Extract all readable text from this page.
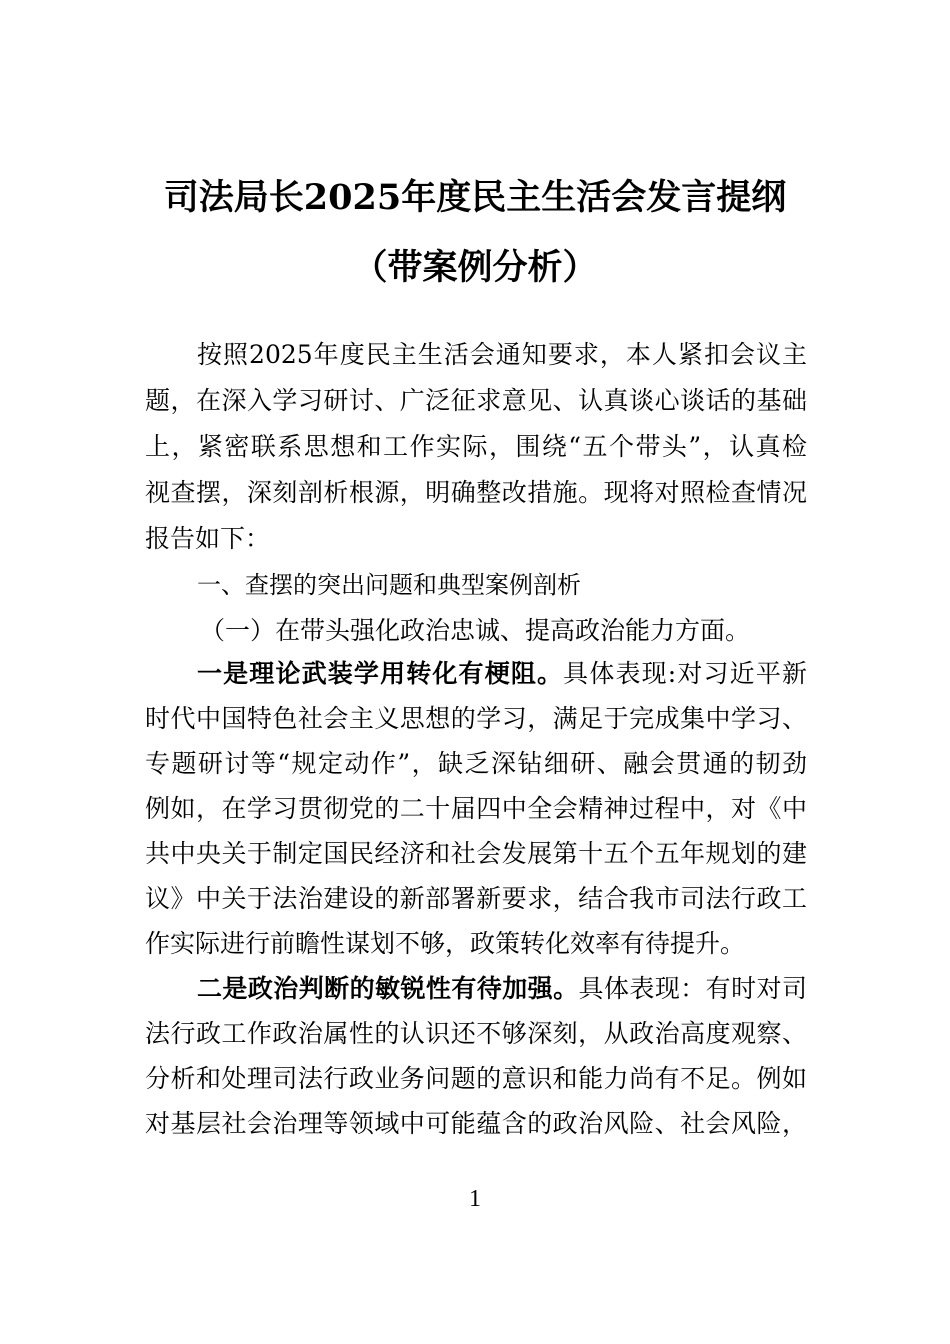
司法局长2025年度民主生活会发言提纲
（带案例分析）
按照2025年度民主生活会通知要求，本人紧扣会议主
题，在深入学习研讨、广泛征求意见、认真谈心谈话的基础
上，紧密联系思想和工作实际，围绕“五个带头”，认真检
视查摆，深刻剖析根源，明确整改措施。现将对照检查情况
报告如下：
一、查摆的突出问题和典型案例剖析
（一）在带头强化政治忠诚、提高政治能力方面。
一是理论武装学用转化有梗阻。具体表现:对习近平新
时代中国特色社会主义思想的学习，满足于完成集中学习、
专题研讨等“规定动作”，缺乏深钻细研、融会贯通的韧劲
例如，在学习贯彻党的二十届四中全会精神过程中，对《中
共中央关于制定国民经济和社会发展第十五个五年规划的建
议》中关于法治建设的新部署新要求，结合我市司法行政工
作实际进行前瞻性谋划不够，政策转化效率有待提升。
二是政治判断的敏锐性有待加强。具体表现：有时对司
法行政工作政治属性的认识还不够深刻，从政治高度观察、
分析和处理司法行政业务问题的意识和能力尚有不足。例如
对基层社会治理等领域中可能蕴含的政治风险、社会风险，
1
